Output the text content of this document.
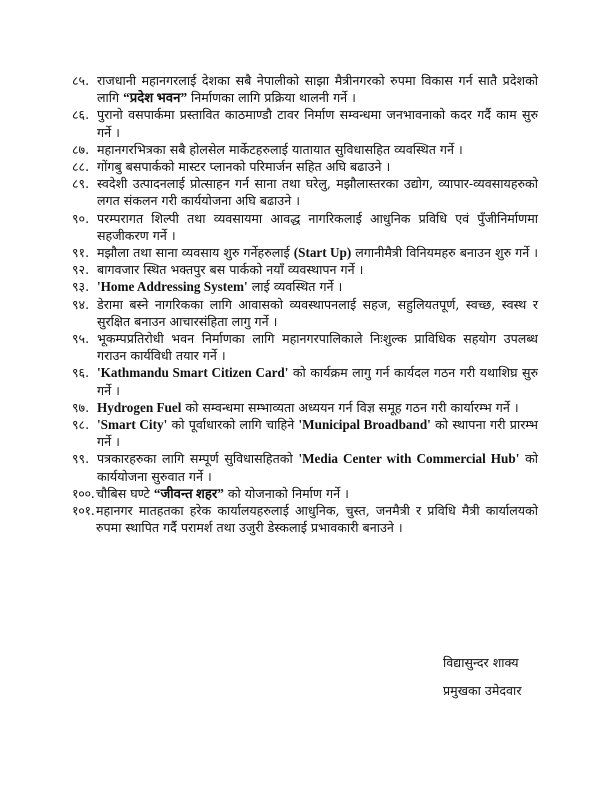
८५. राजधानी महानगरलाई देशका सबै नेपालीको साझा मैत्रीनगरको रुपमा विकास गर्न सातै प्रदेशको लागि “प्रदेश भवन” निर्माणका लागि प्रक्रिया थालनी गर्ने ।
८६. पुरानो वसपार्कमा प्रस्तावित काठमाण्डौ टावर निर्माण सम्वन्धमा जनभावनाको कदर गर्दै काम सुरु गर्ने ।
८७. महानगरभित्रका सबै होलसेल मार्केटहरुलाई यातायात सुविधासहित व्यवस्थित गर्ने ।
८८. गोंगबु बसपार्कको मास्टर प्लानको परिमार्जन सहित अघि बढाउने ।
८९. स्वदेशी उत्पादनलाई प्रोत्साहन गर्न साना तथा घरेलु, मझौलास्तरका उद्योग, व्यापार-व्यवसायहरुको लगत संकलन गरी कार्ययोजना अघि बढाउने ।
९०. परम्परागत शिल्पी तथा व्यवसायमा आवद्ध नागरिकलाई आधुनिक प्रविधि एवं पुँजीनिर्माणमा सहजीकरण गर्ने ।
९१. मझौला तथा साना व्यवसाय शुरु गर्नेहरुलाई (Start Up) लगानीमैत्री विनियमहरु बनाउन शुरु गर्ने ।
९२. बागवजार स्थित भक्तपुर बस पार्कको नयाँ व्यवस्थापन गर्ने ।
९३. 'Home Addressing System' लाई व्यवस्थित गर्ने ।
९४. डेरामा बस्ने नागरिकका लागि आवासको व्यवस्थापनलाई सहज, सहुलियतपूर्ण, स्वच्छ, स्वस्थ र सुरक्षित बनाउन आचारसंहिता लागु गर्ने ।
९५. भूकम्पप्रतिरोधी भवन निर्माणका लागि महानगरपालिकाले निःशुल्क प्राविधिक सहयोग उपलब्ध गराउन कार्यविधी तयार गर्ने ।
९६. 'Kathmandu Smart Citizen Card' को कार्यक्रम लागु गर्न कार्यदल गठन गरी यथाशिघ्र सुरु गर्ने ।
९७. Hydrogen Fuel को सम्वन्धमा सम्भाव्यता अध्ययन गर्न विज्ञ समूह गठन गरी कार्यारम्भ गर्ने ।
९८. 'Smart City' को पूर्वाधारको लागि चाहिने 'Municipal Broadband' को स्थापना गरी प्रारम्भ गर्ने ।
९९. पत्रकारहरुका लागि सम्पूर्ण सुविधासहितको 'Media Center with Commercial Hub' को कार्ययोजना सुरुवात गर्ने ।
१००. चौबिस घण्टे “जीवन्त शहर” को योजनाको निर्माण गर्ने ।
१०१. महानगर मातहतका हरेक कार्यालयहरुलाई आधुनिक, चुस्त, जनमैत्री र प्रविधि मैत्री कार्यालयको रुपमा स्थापित गर्दै परामर्श तथा उजुरी डेस्कलाई प्रभावकारी बनाउने ।
विद्यासुन्दर शाक्य
प्रमुखका उमेदवार
